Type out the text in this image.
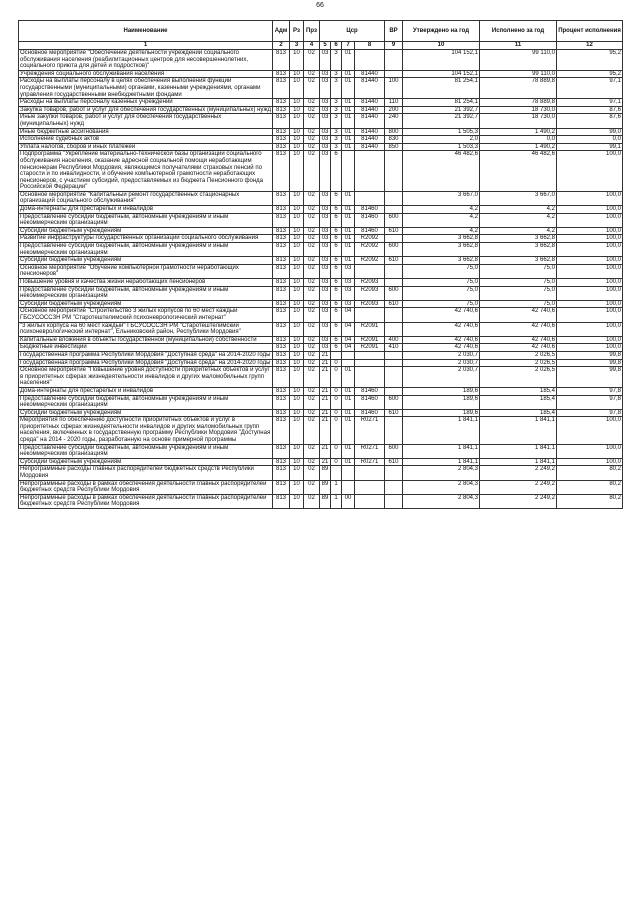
66
Наименование	Адм	Рз	Прз	Цср				ВР	Утверждено на год	Исполнено за год	Процент исполнения
1	2	3	4	5	6	7	8	9	10	11	12
Основное мероприятие "Обеспечение деятельности учреждений социального обслуживания населения (реабилитационных центров для несовершеннолетних, социального приюта для детей и подростков)"	813	10	02	03	3	01			104 152,1	99 110,0	95,2
Учреждения социального обслуживания населения	813	10	02	03	3	01	81440		104 152,1	99 110,0	95,2
Расходы на выплаты персоналу в целях обеспечения выполнения функций государственными (муниципальными) органами, казенными учреждениями, органами управления государственными внебюджетными фондами	813	10	02	03	3	01	81440	100	81 254,1	78 889,8	97,1
Расходы на выплаты персоналу казенных учреждений	813	10	02	03	3	01	81440	110	81 254,1	78 889,8	97,1
Закупка товаров, работ и услуг для обеспечения государственных (муниципальных) нужд	813	10	02	03	3	01	81440	200	21 392,7	18 730,0	87,6
Иные закупки товаров, работ и услуг для обеспечения государственных (муниципальных) нужд	813	10	02	03	3	01	81440	240	21 392,7	18 730,0	87,6
Иные бюджетные ассигнования	813	10	02	03	3	01	81440	800	1 505,3	1 490,2	99,0
Исполнение судебных актов	813	10	02	03	3	01	81440	830	2,0	0,0	0,0
Уплата налогов, сборов и иных платежей	813	10	02	03	3	01	81440	850	1 503,3	1 490,2	99,1
Подпрограмма "Укрепление материально-технической базы организаций социального обслуживания населения, оказание адресной социальной помощи неработающим пенсионерам Республики Мордовия, являющимся получателями страховых пенсий по старости и по инвалидности, и обучение компьютерной грамотности неработающих пенсионеров, с участием субсидий, предоставляемых из бюджета Пенсионного фонда Российской Федерации"	813	10	02	03	6				46 482,6	46 482,6	100,0
Основное мероприятие "Капитальный ремонт государственных стационарных организаций социального обслуживания"	813	10	02	03	6	01			3 667,0	3 667,0	100,0
Дома-интернаты для престарелых и инвалидов	813	10	02	03	6	01	81460		4,2	4,2	100,0
Предоставление субсидий бюджетным, автономным учреждениям и иным некоммерческим организациям	813	10	02	03	6	01	81460	600	4,2	4,2	100,0
Субсидии бюджетным учреждениям	813	10	02	03	6	01	81460	610	4,2	4,2	100,0
Развитие инфраструктуры государственных организаций социального обслуживания	813	10	02	03	6	01	R2092		3 662,8	3 662,8	100,0
Предоставление субсидий бюджетным, автономным учреждениям и иным некоммерческим организациям	813	10	02	03	6	01	R2092	600	3 662,8	3 662,8	100,0
Субсидии бюджетным учреждениям	813	10	02	03	6	01	R2092	610	3 662,8	3 662,8	100,0
Основное мероприятие "Обучение компьютерной грамотности неработающих пенсионеров"	813	10	02	03	6	03			75,0	75,0	100,0
Повышение уровня и качества жизни неработающих пенсионеров	813	10	02	03	6	03	R2093		75,0	75,0	100,0
Предоставление субсидий бюджетным, автономным учреждениям и иным некоммерческим организациям	813	10	02	03	6	03	R2093	600	75,0	75,0	100,0
Субсидии бюджетным учреждениям	813	10	02	03	6	03	R2093	610	75,0	75,0	100,0
Основное мероприятие "Строительство 3 жилых корпусов по 60 мест каждый ГБСУСОССЗН РМ "Старотештелимский психоневрологический интернат"	813	10	02	03	6	04			42 740,6	42 740,6	100,0
"3 жилых корпуса на 60 мест каждый" ГБСУСОССЗН РМ "Старотештелимский психоневрологический интернат", Ельниковский район, Республики Мордовия"	813	10	02	03	6	04	R2091		42 740,6	42 740,6	100,0
Капитальные вложения в объекты государственной (муниципальной) собственности	813	10	02	03	6	04	R2091	400	42 740,6	42 740,6	100,0
Бюджетные инвестиции	813	10	02	03	6	04	R2091	410	42 740,6	42 740,6	100,0
Государственная программа Республики Мордовия "Доступная среда" на 2014-2020 годы	813	10	02	21					2 030,7	2 026,5	99,8
Государственная программа Республики Мордовия "Доступная среда" на 2014-2020 годы	813	10	02	21	0				2 030,7	2 026,5	99,8
Основное мероприятие "Повышение уровня доступности приоритетных объектов и услуг в приоритетных сферах жизнедеятельности инвалидов и других маломобильных групп населения"	813	10	02	21	0	01			2 030,7	2 026,5	99,8
Дома-интернаты для престарелых и инвалидов	813	10	02	21	0	01	81460		189,6	185,4	97,8
Предоставление субсидий бюджетным, автономным учреждениям и иным некоммерческим организациям	813	10	02	21	0	01	81460	600	189,6	185,4	97,8
Субсидии бюджетным учреждениям	813	10	02	21	0	01	81460	610	189,6	185,4	97,8
Мероприятия по обеспечению доступности приоритетных объектов и услуг в приоритетных сферах жизнедеятельности инвалидов и других маломобильных групп населения, включенных в государственную программу Республики Мордовия "Доступная среда" на 2014 - 2020 годы, разработанную на основе примерной программы	813	10	02	21	0	01	R0271		1 841,1	1 841,1	100,0
Предоставление субсидий бюджетным, автономным учреждениям и иным некоммерческим организациям	813	10	02	21	0	01	R0271	600	1 841,1	1 841,1	100,0
Субсидии бюджетным учреждениям	813	10	02	21	0	01	R0271	610	1 841,1	1 841,1	100,0
Непрограммные расходы главных распорядителей бюджетных средств Республики Мордовия	813	10	02	89					2 804,3	2 249,2	80,2
Непрограммные расходы в рамках обеспечения деятельности главных распорядителей бюджетных средств Республики Мордовия	813	10	02	89	1				2 804,3	2 249,2	80,2
Непрограммные расходы в рамках обеспечения деятельности главных распорядителей бюджетных средств Республики Мордовия	813	10	02	89	1	00			2 804,3	2 249,2	80,2
